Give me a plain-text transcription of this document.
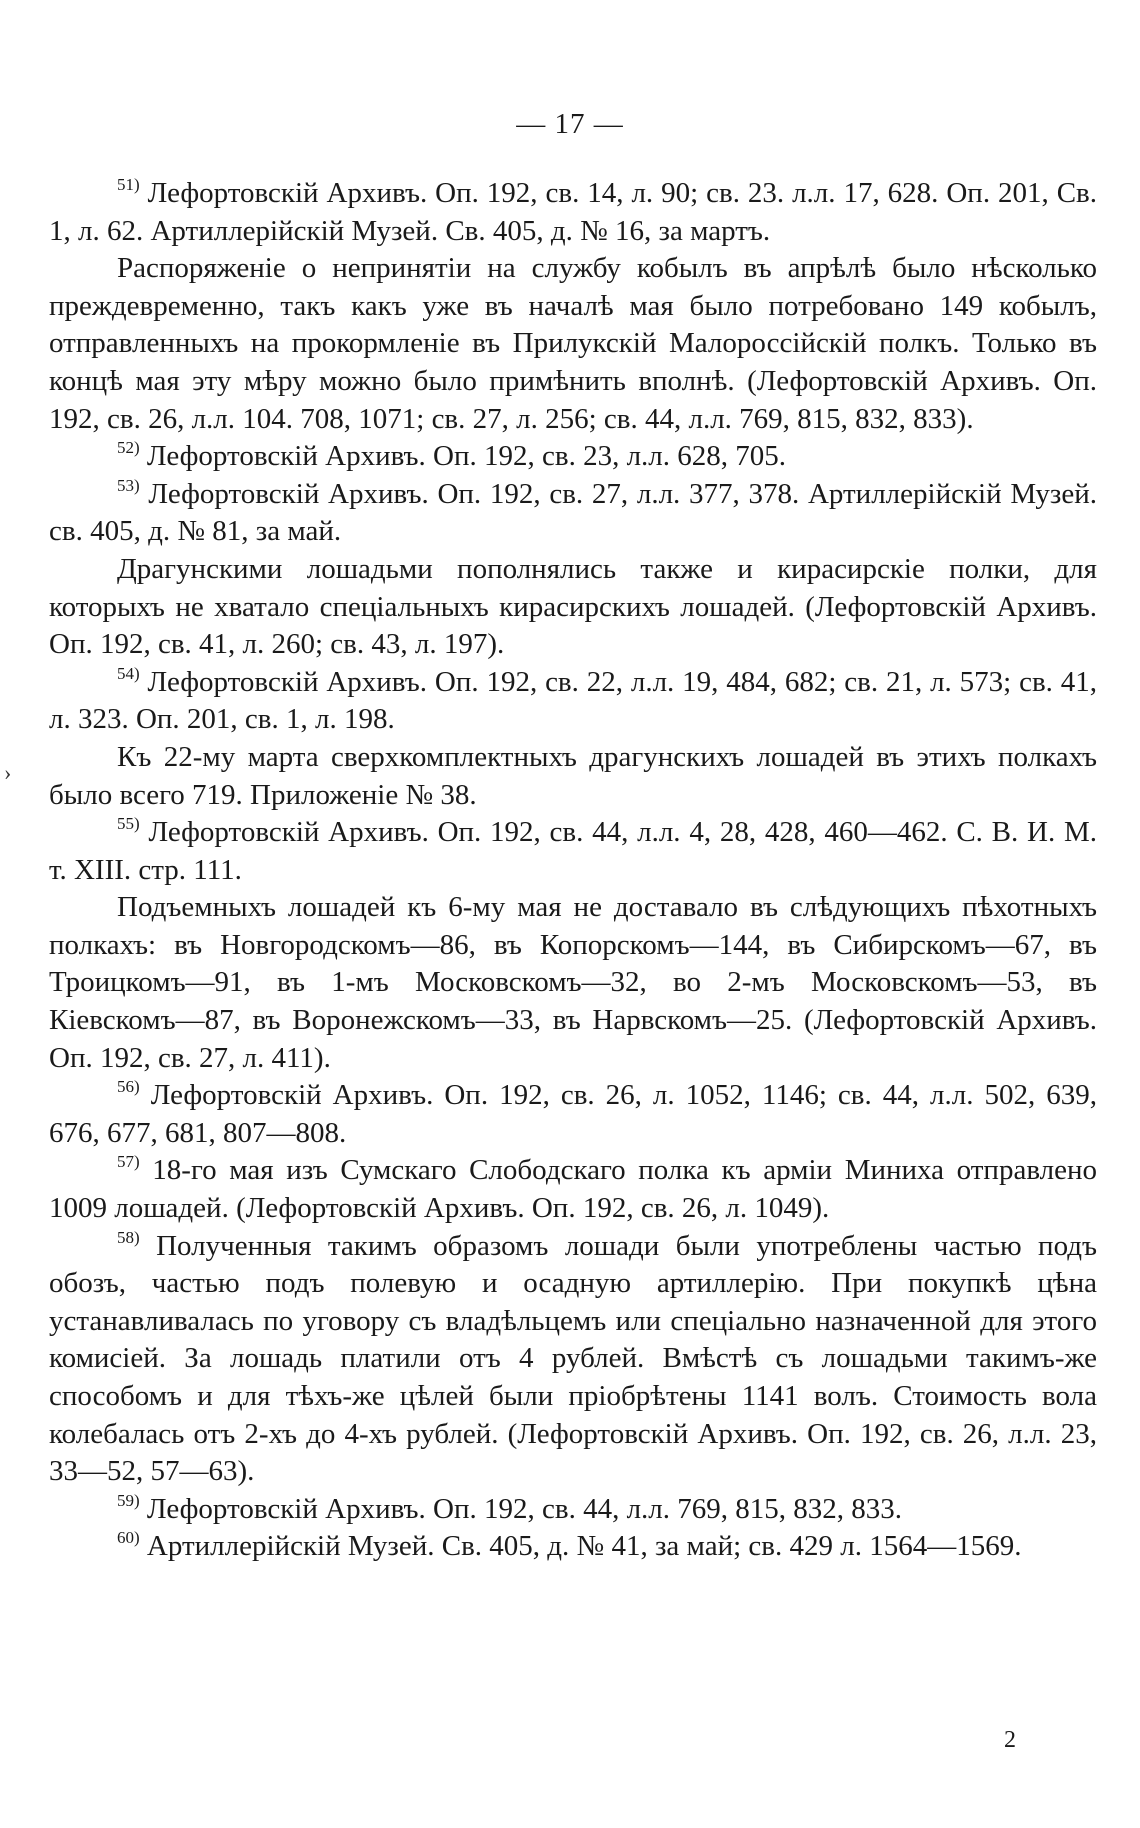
— 17 —
›

$^{51)}$ Лефортовскій Архивъ. Оп. 192, св. 14, л. 90; св. 23. л.л. 17, 628. Оп. 201, Св. 1, л. 62. Артиллерійскій Музей. Св. 405, д. № 16, за мартъ.

Распоряженіе о непринятіи на службу кобылъ въ апрѣлѣ было нѣсколько преждевременно, такъ какъ уже въ началѣ мая было потребовано 149 кобылъ, отправленныхъ на прокормленіе въ Прилукскій Малороссійскій полкъ. Только въ концѣ мая эту мѣру можно было примѣнить вполнѣ. (Лефортовскій Архивъ. Оп. 192, св. 26, л.л. 104. 708, 1071; св. 27, л. 256; св. 44, л.л. 769, 815, 832, 833).

$^{52)}$ Лефортовскій Архивъ. Оп. 192, св. 23, л.л. 628, 705.

$^{53)}$ Лефортовскій Архивъ. Оп. 192, св. 27, л.л. 377, 378. Артиллерійскій Музей. св. 405, д. № 81, за май.

Драгунскими лошадьми пополнялись также и кирасирскіе полки, для которыхъ не хватало спеціальныхъ кирасирскихъ лошадей. (Лефортовскій Архивъ. Оп. 192, св. 41, л. 260; св. 43, л. 197).

$^{54)}$ Лефортовскій Архивъ. Оп. 192, св. 22, л.л. 19, 484, 682; св. 21, л. 573; св. 41, л. 323. Оп. 201, св. 1, л. 198.

Къ 22-му марта сверхкомплектныхъ драгунскихъ лошадей въ этихъ полкахъ было всего 719. Приложеніе № 38.

$^{55)}$ Лефортовскій Архивъ. Оп. 192, св. 44, л.л. 4, 28, 428, 460—462. С. В. И. М. т. XIII. стр. 111.

Подъемныхъ лошадей къ 6-му мая не доставало въ слѣдующихъ пѣхотныхъ полкахъ: въ Новгородскомъ—86, въ Копорскомъ—144, въ Сибирскомъ—67, въ Троицкомъ—91, въ 1-мъ Московскомъ—32, во 2-мъ Московскомъ—53, въ Кіевскомъ—87, въ Воронежскомъ—33, въ Нарвскомъ—25. (Лефортовскій Архивъ. Оп. 192, св. 27, л. 411).

$^{56)}$ Лефортовскій Архивъ. Оп. 192, св. 26, л. 1052, 1146; св. 44, л.л. 502, 639, 676, 677, 681, 807—808.

$^{57)}$ 18-го мая изъ Сумскаго Слободскаго полка къ арміи Миниха отправлено 1009 лошадей. (Лефортовскій Архивъ. Оп. 192, св. 26, л. 1049).

$^{58)}$ Полученныя такимъ образомъ лошади были употреблены частью подъ обозъ, частью подъ полевую и осадную артиллерію. При покупкѣ цѣна устанавливалась по уговору съ владѣльцемъ или спеціально назначенной для этого комисіей. За лошадь платили отъ 4 рублей. Вмѣстѣ съ лошадьми такимъ-же способомъ и для тѣхъ-же цѣлей были пріобрѣтены 1141 волъ. Стоимость вола колебалась отъ 2-хъ до 4-хъ рублей. (Лефортовскій Архивъ. Оп. 192, св. 26, л.л. 23, 33—52, 57—63).

$^{59)}$ Лефортовскій Архивъ. Оп. 192, св. 44, л.л. 769, 815, 832, 833.

$^{60)}$ Артиллерійскій Музей. Св. 405, д. № 41, за май; св. 429 л. 1564—1569.

2
